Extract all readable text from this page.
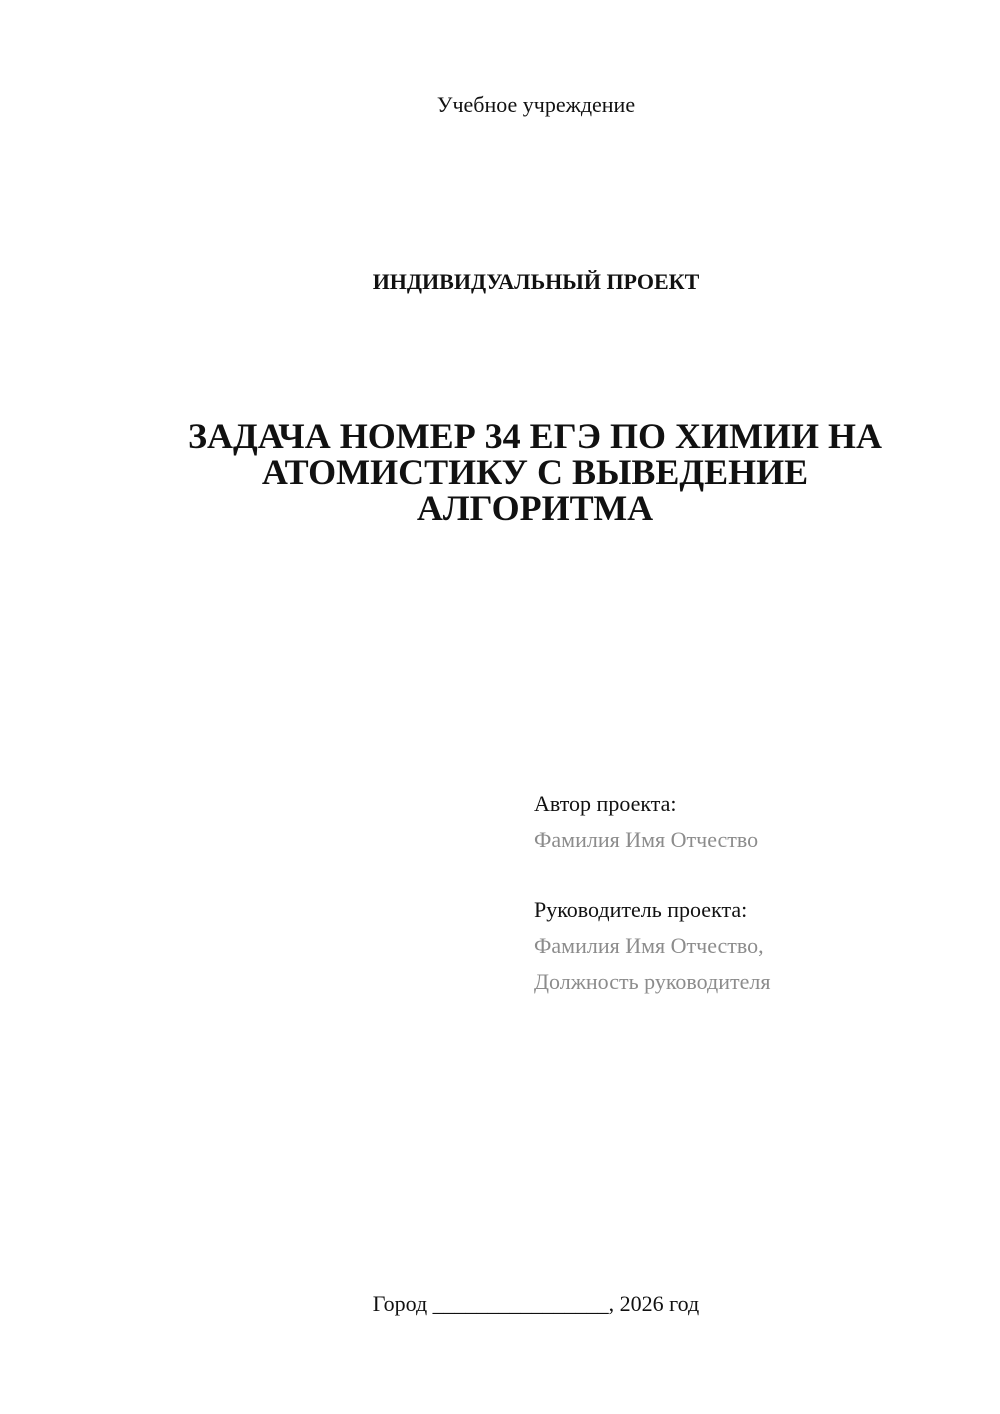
Учебное учреждение
ИНДИВИДУАЛЬНЫЙ ПРОЕКТ
ЗАДАЧА НОМЕР 34 ЕГЭ ПО ХИМИИ НА
АТОМИСТИКУ С ВЫВЕДЕНИЕ
АЛГОРИТМА
Автор проекта:
Фамилия Имя Отчество
Руководитель проекта:
Фамилия Имя Отчество,
Должность руководителя
Город ________________, 2026 год
